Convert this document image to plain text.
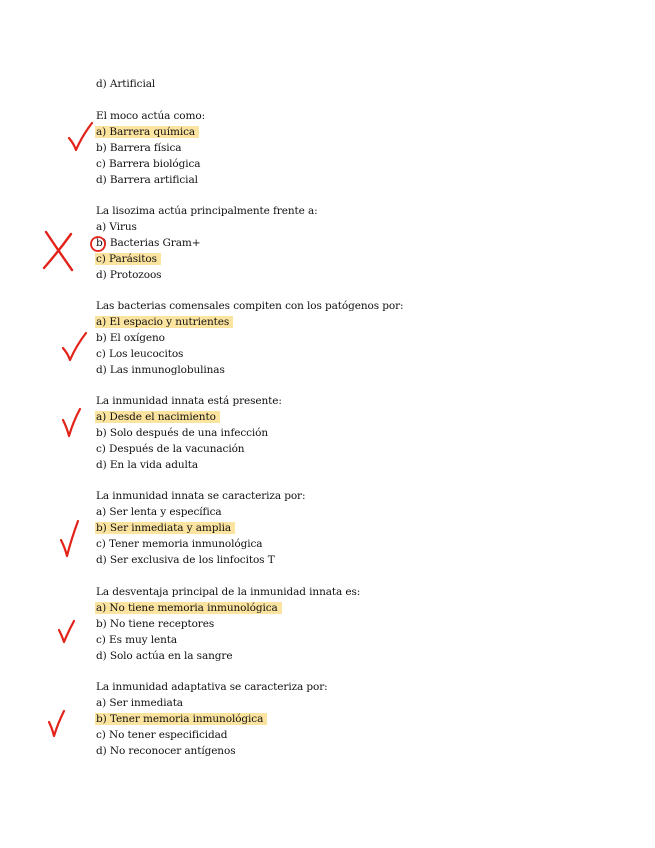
d) Artificial
El moco actúa como:
a) Barrera química
b) Barrera física
c) Barrera biológica
d) Barrera artificial
La lisozima actúa principalmente frente a:
a) Virus
b) Bacterias Gram+
c) Parásitos
d) Protozoos
Las bacterias comensales compiten con los patógenos por:
a) El espacio y nutrientes
b) El oxígeno
c) Los leucocitos
d) Las inmunoglobulinas
La inmunidad innata está presente:
a) Desde el nacimiento
b) Solo después de una infección
c) Después de la vacunación
d) En la vida adulta
La inmunidad innata se caracteriza por:
a) Ser lenta y específica
b) Ser inmediata y amplia
c) Tener memoria inmunológica
d) Ser exclusiva de los linfocitos T
La desventaja principal de la inmunidad innata es:
a) No tiene memoria inmunológica
b) No tiene receptores
c) Es muy lenta
d) Solo actúa en la sangre
La inmunidad adaptativa se caracteriza por:
a) Ser inmediata
b) Tener memoria inmunológica
c) No tener especificidad
d) No reconocer antígenos
